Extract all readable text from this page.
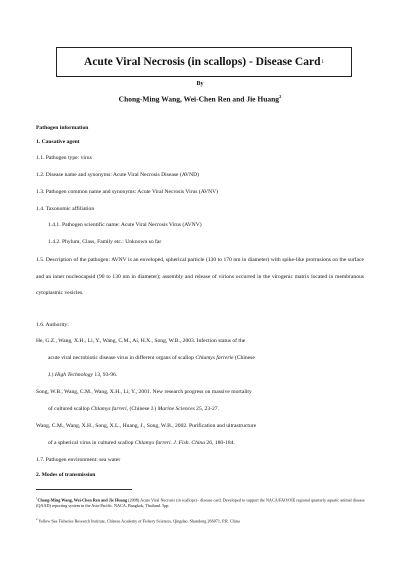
Acute Viral Necrosis (in scallops) - Disease Card 1
By
Chong-Ming Wang, Wei-Chen Ren and Jie Huang$^2$
Pathogen information
1. Causative agent
1.1. Pathogen type: virus
1.2. Disease name and synonyms: Acute Viral Necrosis Disease (AVND)
1.3. Pathogen common name and synonyms: Acute Viral Necrosis Virus (AVNV)
1.4. Taxonomic affiliation
1.4.1. Pathogen scientific name: Acute Viral Necrosis Virus (AVNV)
1.4.2. Phylum, Class, Family etc.: Unknown so far
1.5. Description of the pathogen: AVNV is an enveloped, spherical particle (130 to 170 nm in diameter) with spike-like protrusions on the surface and an inner nucleocapsid (90 to 130 nm in diameter); assembly and release of virions occurred in the virogenic matrix located in membranous cytoplasmic vesicles.
1.6. Authority:
He, G.Z., Wang, X.H., Li, Y., Wang, C.M., Ai, H.X., Song, W.B., 2003. Infection status of the
acute viral necrobiotic disease virus in different organs of scallop Chlamys farrerie (Chinese
J.) High Technology 13, 93-96.
Song, W.B., Wang, C.M., Wang, X.H., Li, Y., 2001. New research progress on massive mortality
of cultured scallop Chlamys farreri, (Chinese J.) Marine Sciences 25, 23-27.
Wang, C.M., Wang, X.H., Song, X.L., Huang, J., Song, W.B., 2002. Purification and ultrastructure
of a spherical virus in cultured scallop Chlamys farreri. J. Fish. China 26, 180-184.
1.7. Pathogen environment: sea water
2. Modes of transmission
$^1$Chong-Ming Wang, Wei-Chen Ren and Jie Huang (2008) Acute Viral Necrosis (in scallops) - disease card. Developed to support the NACA/FAO/OIE regional quarterly aquatic animal disease (QAAD) reporting system in the Asia-Pacific. NACA, Bangkok, Thailand. 5pp.
$^2$ Yellow Sea Fisheries Research Institute, Chinese Academy of Fishery Sciences, Qingdao, Shandong 266071, P.R. China
